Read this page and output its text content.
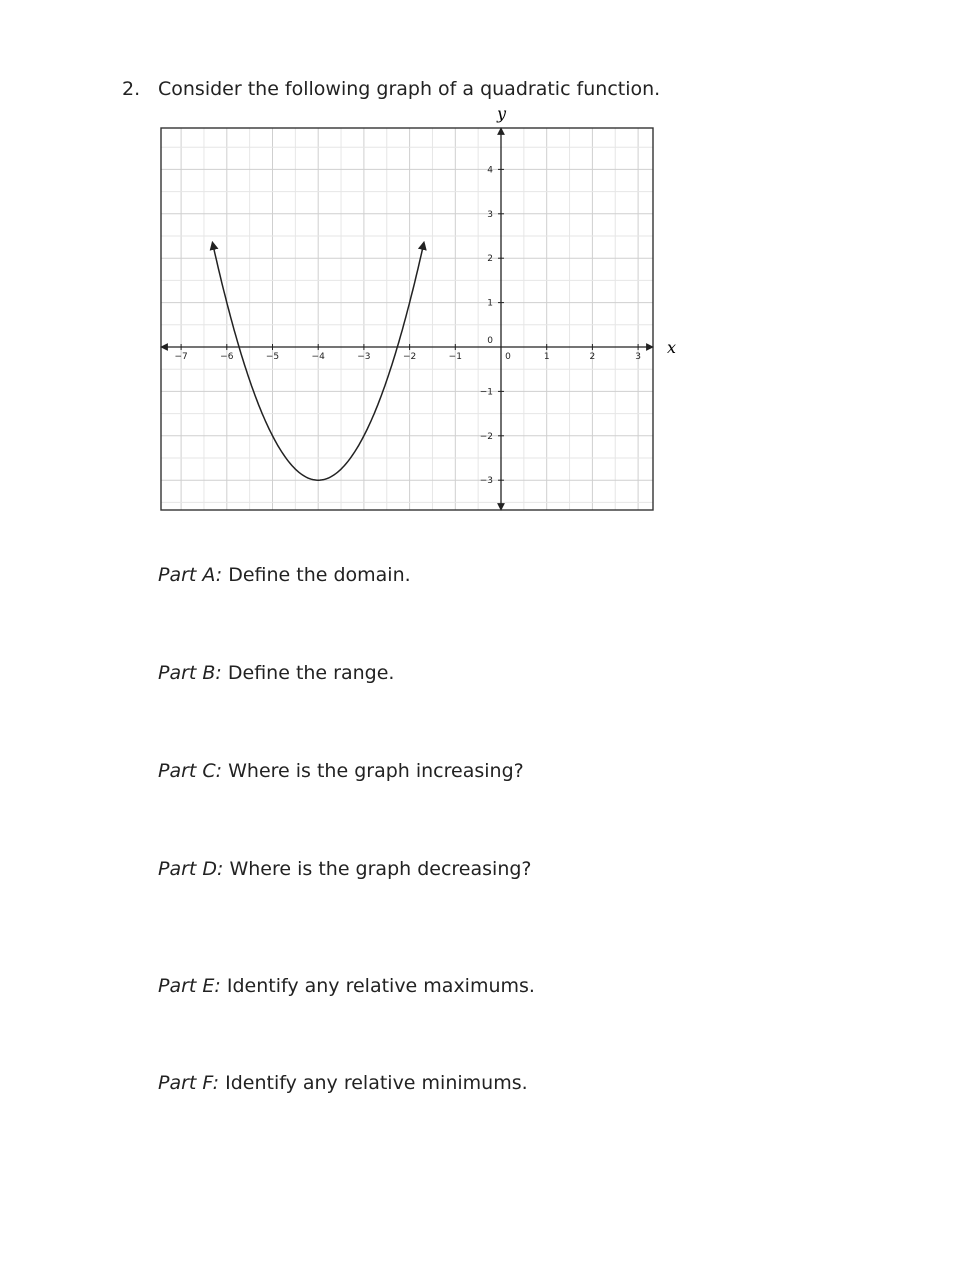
2. Consider the following graph of a quadratic function.
−7	−6	−5	−4	−3	−2	−1	0	1	2	3
−3
−2
−1
0
1
2
3
4
x
y
Part A: Define the domain.
Part B: Define the range.
Part C: Where is the graph increasing?
Part D: Where is the graph decreasing?
Part E: Identify any relative maximums.
Part F: Identify any relative minimums.
